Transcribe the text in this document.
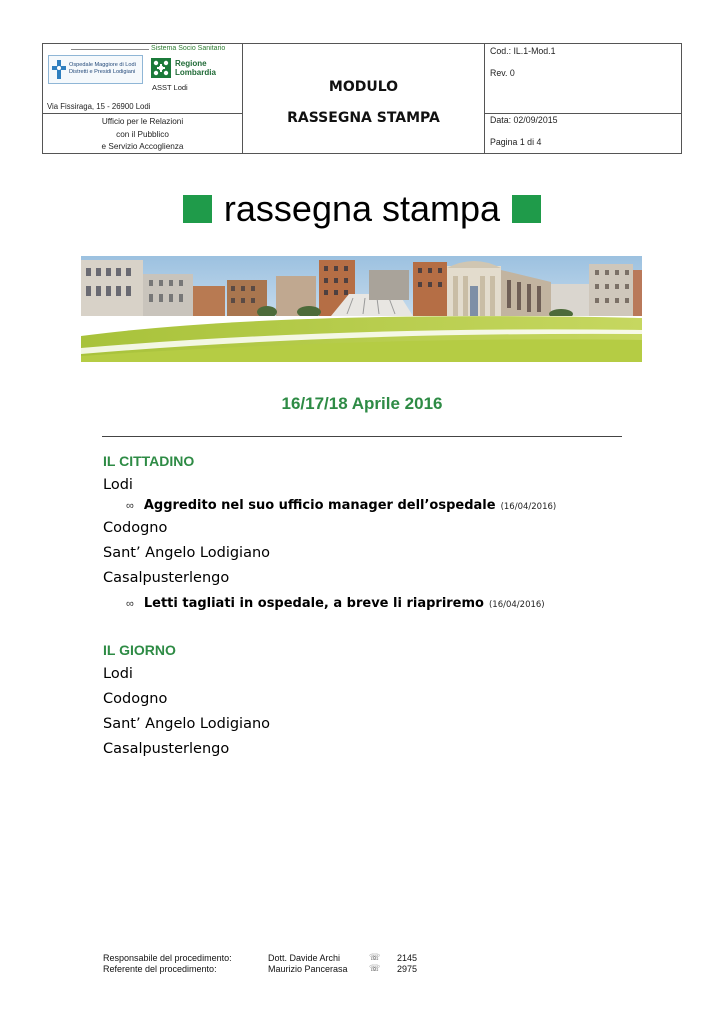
Sistema Socio Sanitario
Ospedale Maggiore di Lodi
Distretti e Presidi Lodigiani
Regione
Lombardia
ASST Lodi
Via Fissiraga, 15 - 26900 Lodi
Ufficio per le Relazioni
con il Pubblico
e Servizio Accoglienza
MODULO
RASSEGNA STAMPA
Cod.: IL.1-Mod.1
Rev. 0
Data: 02/09/2015
Pagina 1 di 4
rassegna stampa
16/17/18 Aprile 2016
IL CITTADINO
Lodi
∞ Aggredito nel suo ufficio manager dell’ospedale (16/04/2016)
Codogno
Sant’ Angelo Lodigiano
Casalpusterlengo
∞ Letti tagliati in ospedale, a breve li riapriremo (16/04/2016)
IL GIORNO
Lodi
Codogno
Sant’ Angelo Lodigiano
Casalpusterlengo
Responsabile del procedimento:	Dott. Davide Archi	☏ 2145
Referente del procedimento:	Maurizio Pancerasa ☏ 2975
